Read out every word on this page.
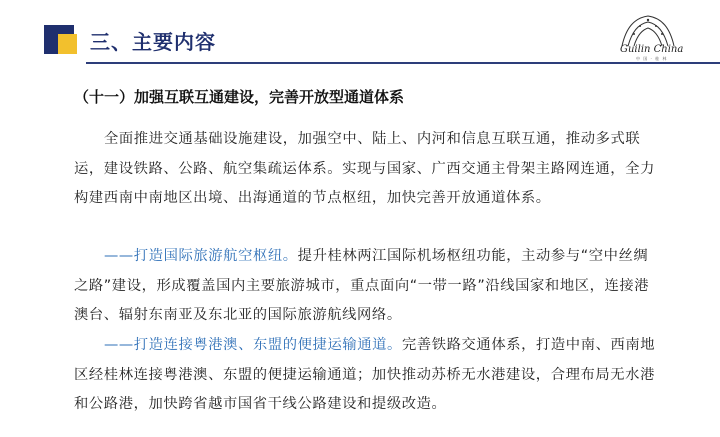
三、主要内容	Guilin China
中 国 · 桂 林
（十一）加强互联互通建设，完善开放型通道体系

全面推进交通基础设施建设，加强空中、陆上、内河和信息互联互通，推动多式联运，建设铁路、公路、航空集疏运体系。实现与国家、广西交通主骨架主路网连通，全力构建西南中南地区出境、出海通道的节点枢纽，加快完善开放通道体系。

——打造国际旅游航空枢纽。提升桂林两江国际机场枢纽功能，主动参与“空中丝绸之路”建设，形成覆盖国内主要旅游城市，重点面向“一带一路”沿线国家和地区，连接港澳台、辐射东南亚及东北亚的国际旅游航线网络。

——打造连接粤港澳、东盟的便捷运输通道。完善铁路交通体系，打造中南、西南地区经桂林连接粤港澳、东盟的便捷运输通道；加快推动苏桥无水港建设，合理布局无水港和公路港，加快跨省越市国省干线公路建设和提级改造。
